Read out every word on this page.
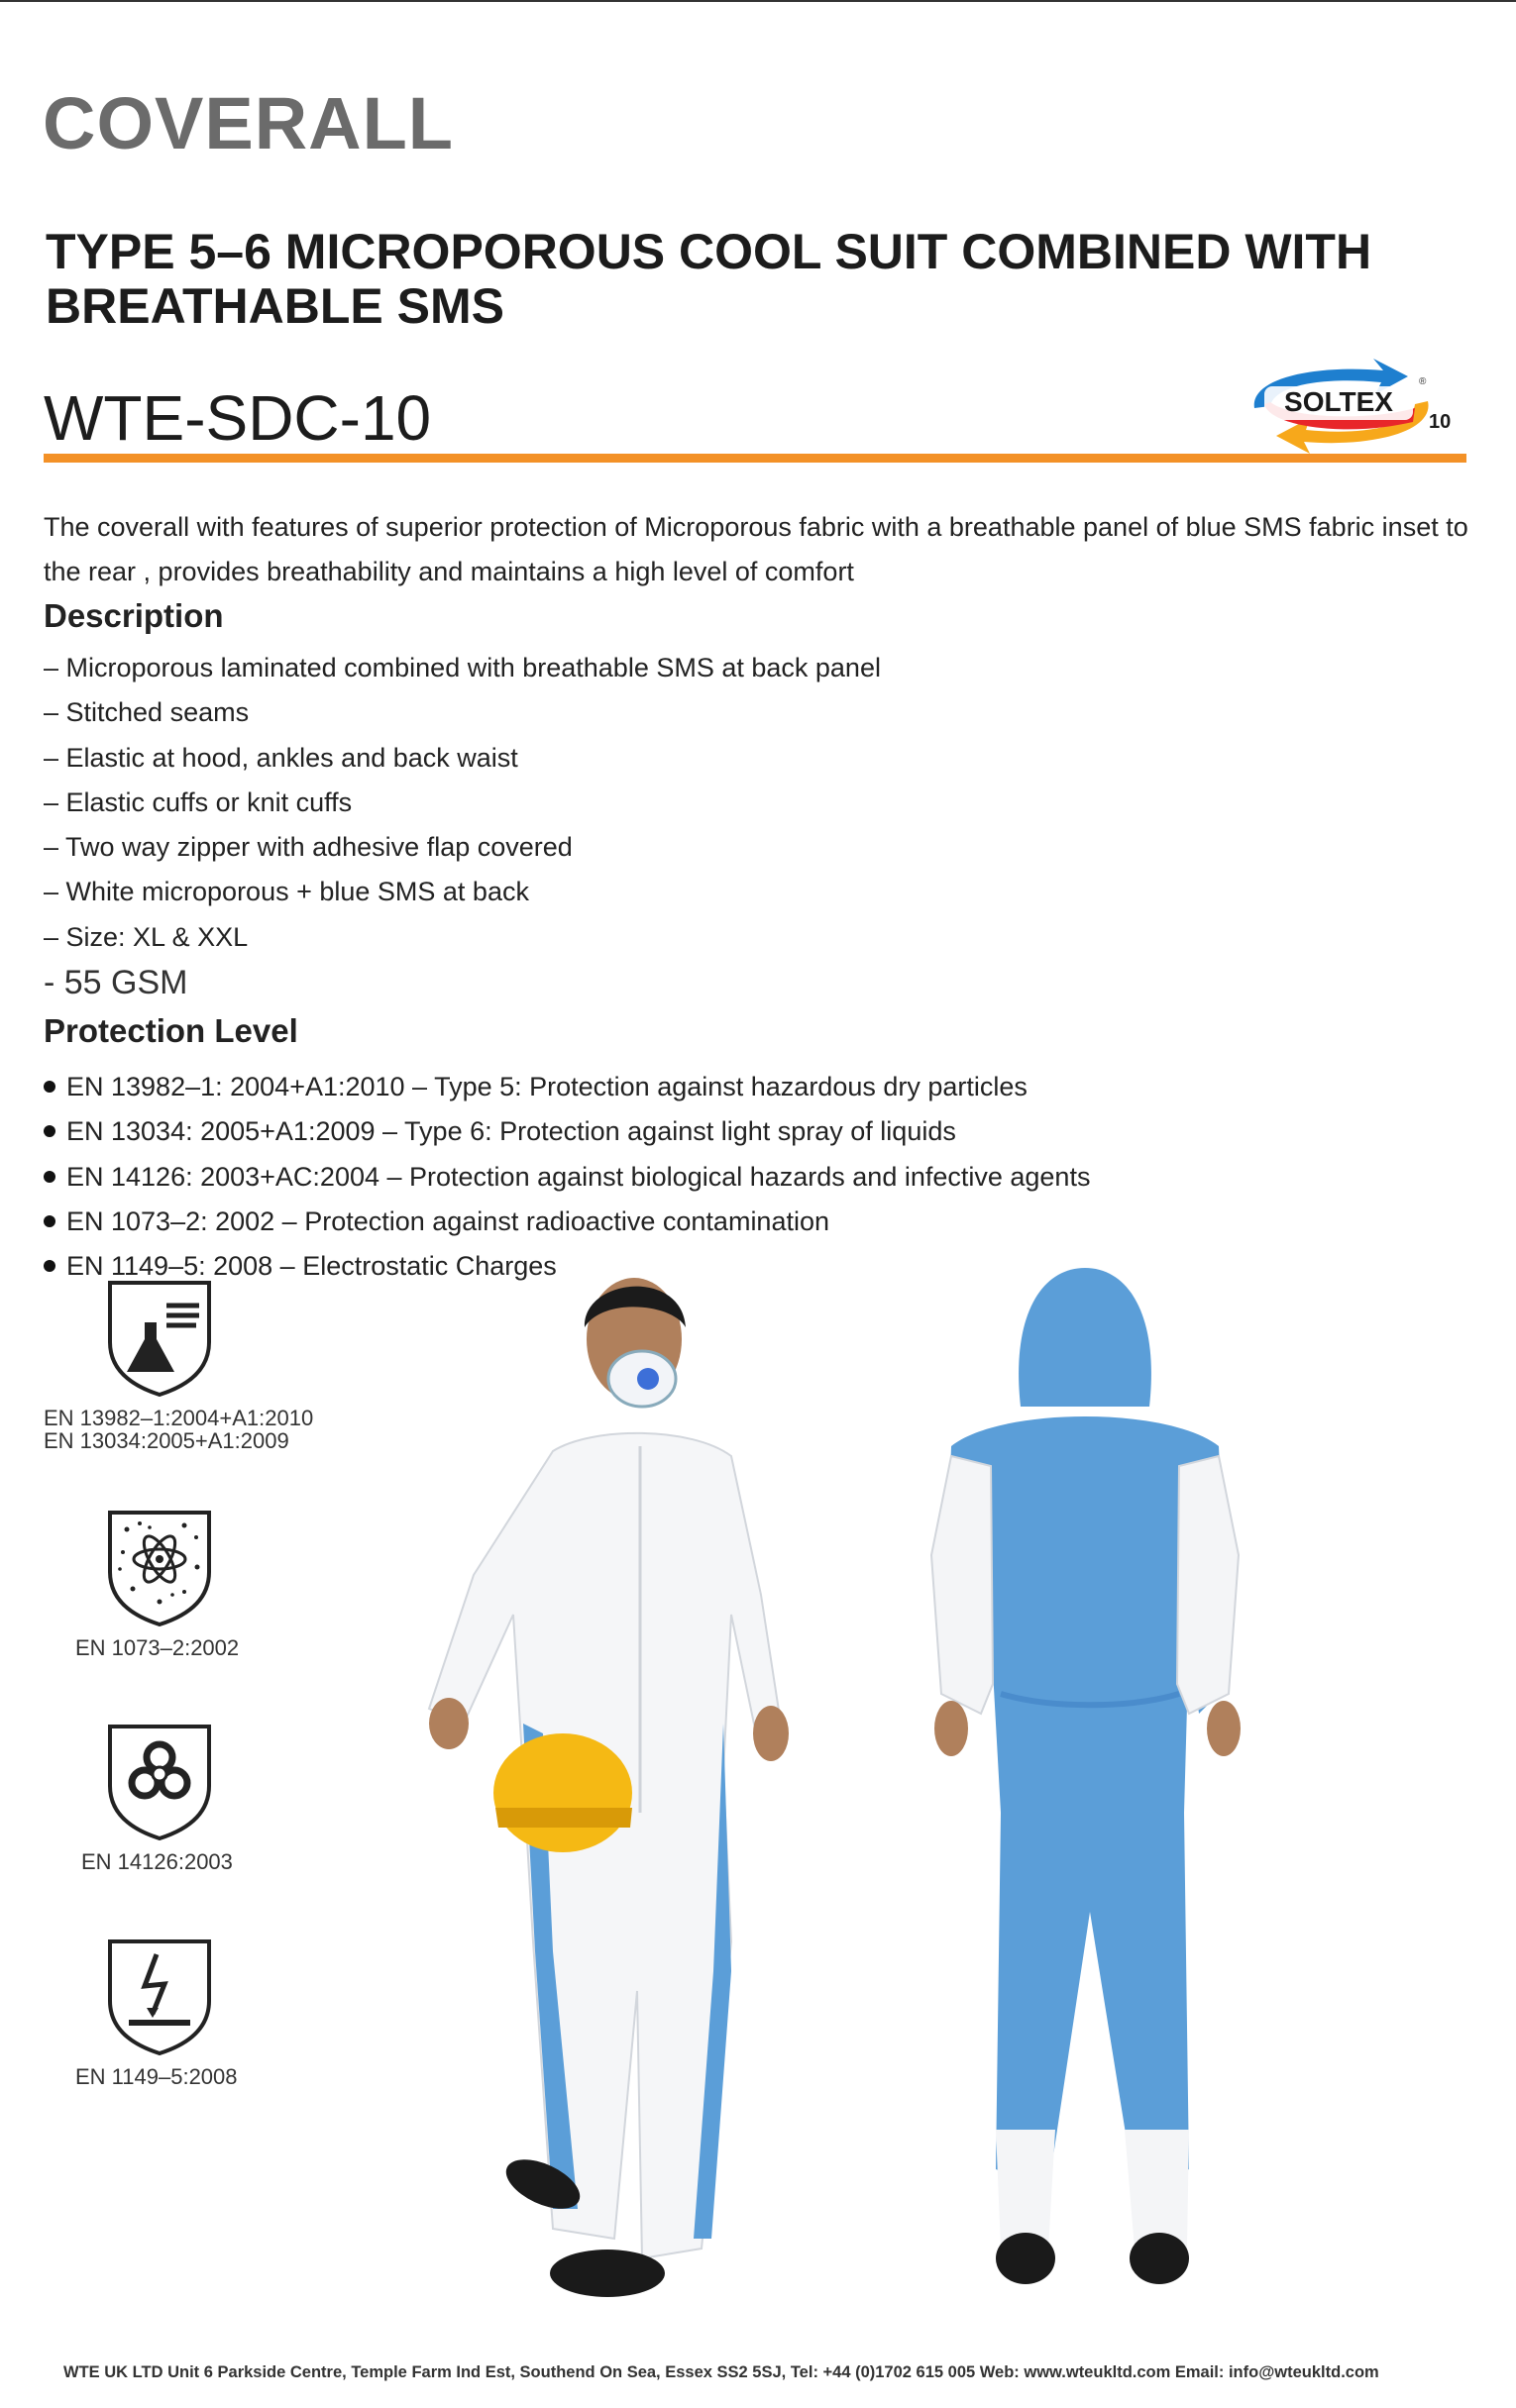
COVERALL
TYPE 5–6 MICROPOROUS COOL SUIT COMBINED WITH
BREATHABLE SMS
WTE-SDC-10	SOLTEX
10
®
The coverall with features of superior protection of Microporous fabric with a breathable panel of blue SMS fabric inset to the rear , provides breathability and maintains a high level of comfort
Description
– Microporous laminated combined with breathable SMS at back panel
– Stitched seams
– Elastic at hood, ankles and back waist
– Elastic cuffs or knit cuffs
– Two way zipper with adhesive flap covered
– White microporous + blue SMS at back
– Size: XL & XXL
- 55 GSM
Protection Level
EN 13982–1: 2004+A1:2010 – Type 5: Protection against hazardous dry particles
EN 13034: 2005+A1:2009 – Type 6: Protection against light spray of liquids
EN 14126: 2003+AC:2004 – Protection against biological hazards and infective agents
EN 1073–2: 2002 – Protection against radioactive contamination
EN 1149–5: 2008 – Electrostatic Charges
EN 13982–1:2004+A1:2010
EN 13034:2005+A1:2009
EN 1073–2:2002
EN 14126:2003
EN 1149–5:2008
WTE UK LTD Unit 6 Parkside Centre, Temple Farm Ind Est, Southend On Sea, Essex SS2 5SJ, Tel: +44 (0)1702 615 005 Web: www.wteukltd.com Email: info@wteukltd.com
